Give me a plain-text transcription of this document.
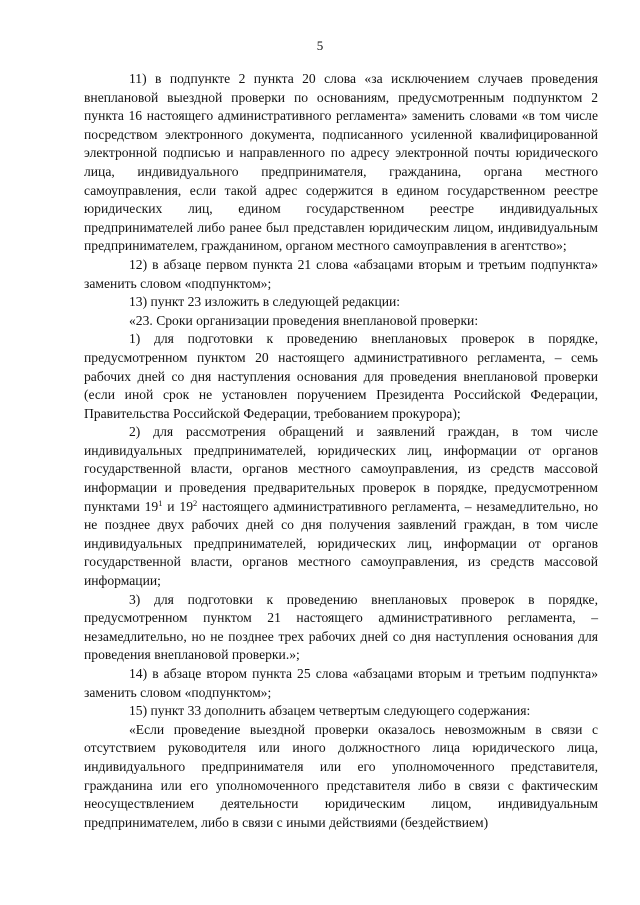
5

11) в подпункте 2 пункта 20 слова «за исключением случаев проведения внеплановой выездной проверки по основаниям, предусмотренным подпунктом 2 пункта 16 настоящего административного регламента» заменить словами «в том числе посредством электронного документа, подписанного усиленной квалифицированной электронной подписью и направленного по адресу электронной почты юридического лица, индивидуального предпринимателя, гражданина, органа местного самоуправления, если такой адрес содержится в едином государственном реестре юридических лиц, едином государственном реестре индивидуальных предпринимателей либо ранее был представлен юридическим лицом, индивидуальным предпринимателем, гражданином, органом местного самоуправления в агентство»;

12) в абзаце первом пункта 21 слова «абзацами вторым и третьим подпункта» заменить словом «подпунктом»;

13) пункт 23 изложить в следующей редакции:

«23. Сроки организации проведения внеплановой проверки:

1) для подготовки к проведению внеплановых проверок в порядке, предусмотренном пунктом 20 настоящего административного регламента, – семь рабочих дней со дня наступления основания для проведения внеплановой проверки (если иной срок не установлен поручением Президента Российской Федерации, Правительства Российской Федерации, требованием прокурора);

2) для рассмотрения обращений и заявлений граждан, в том числе индивидуальных предпринимателей, юридических лиц, информации от органов государственной власти, органов местного самоуправления, из средств массовой информации и проведения предварительных проверок в порядке, предусмотренном пунктами $19^1$ и $19^2$ настоящего административного регламента, – незамедлительно, но не позднее двух рабочих дней со дня получения заявлений граждан, в том числе индивидуальных предпринимателей, юридических лиц, информации от органов государственной власти, органов местного самоуправления, из средств массовой информации;

3) для подготовки к проведению внеплановых проверок в порядке, предусмотренном пунктом 21 настоящего административного регламента, – незамедлительно, но не позднее трех рабочих дней со дня наступления основания для проведения внеплановой проверки.»;

14) в абзаце втором пункта 25 слова «абзацами вторым и третьим подпункта» заменить словом «подпунктом»;

15) пункт 33 дополнить абзацем четвертым следующего содержания:

«Если проведение выездной проверки оказалось невозможным в связи с отсутствием руководителя или иного должностного лица юридического лица, индивидуального предпринимателя или его уполномоченного представителя, гражданина или его уполномоченного представителя либо в связи с фактическим неосуществлением деятельности юридическим лицом, индивидуальным предпринимателем, либо в связи с иными действиями (бездействием)
